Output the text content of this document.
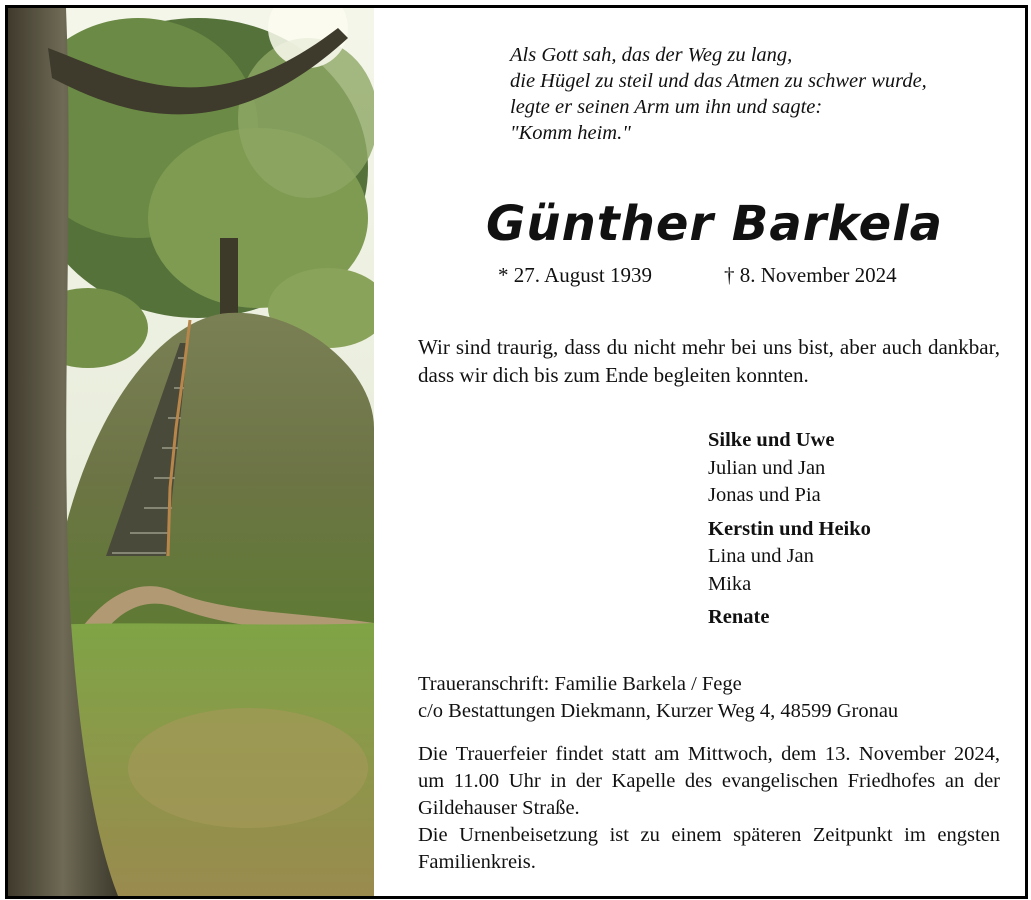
Als Gott sah, das der Weg zu lang,
die Hügel zu steil und das Atmen zu schwer wurde,
legte er seinen Arm um ihn und sagte:
"Komm heim."
Günther Barkela
* 27. August 1939	† 8. November 2024
Wir sind traurig, dass du nicht mehr bei uns bist, aber auch dankbar, dass wir dich bis zum Ende begleiten konnten.
Silke und Uwe
Julian und Jan
Jonas und Pia
Kerstin und Heiko
Lina und Jan
Mika
Renate
Traueranschrift: Familie Barkela / Fege
c/o Bestattungen Diekmann, Kurzer Weg 4, 48599 Gronau

Die Trauerfeier findet statt am Mittwoch, dem 13. November 2024, um 11.00 Uhr in der Kapelle des evangelischen Friedhofes an der Gildehauser Straße.

Die Urnenbeisetzung ist zu einem späteren Zeitpunkt im engsten Familienkreis.
